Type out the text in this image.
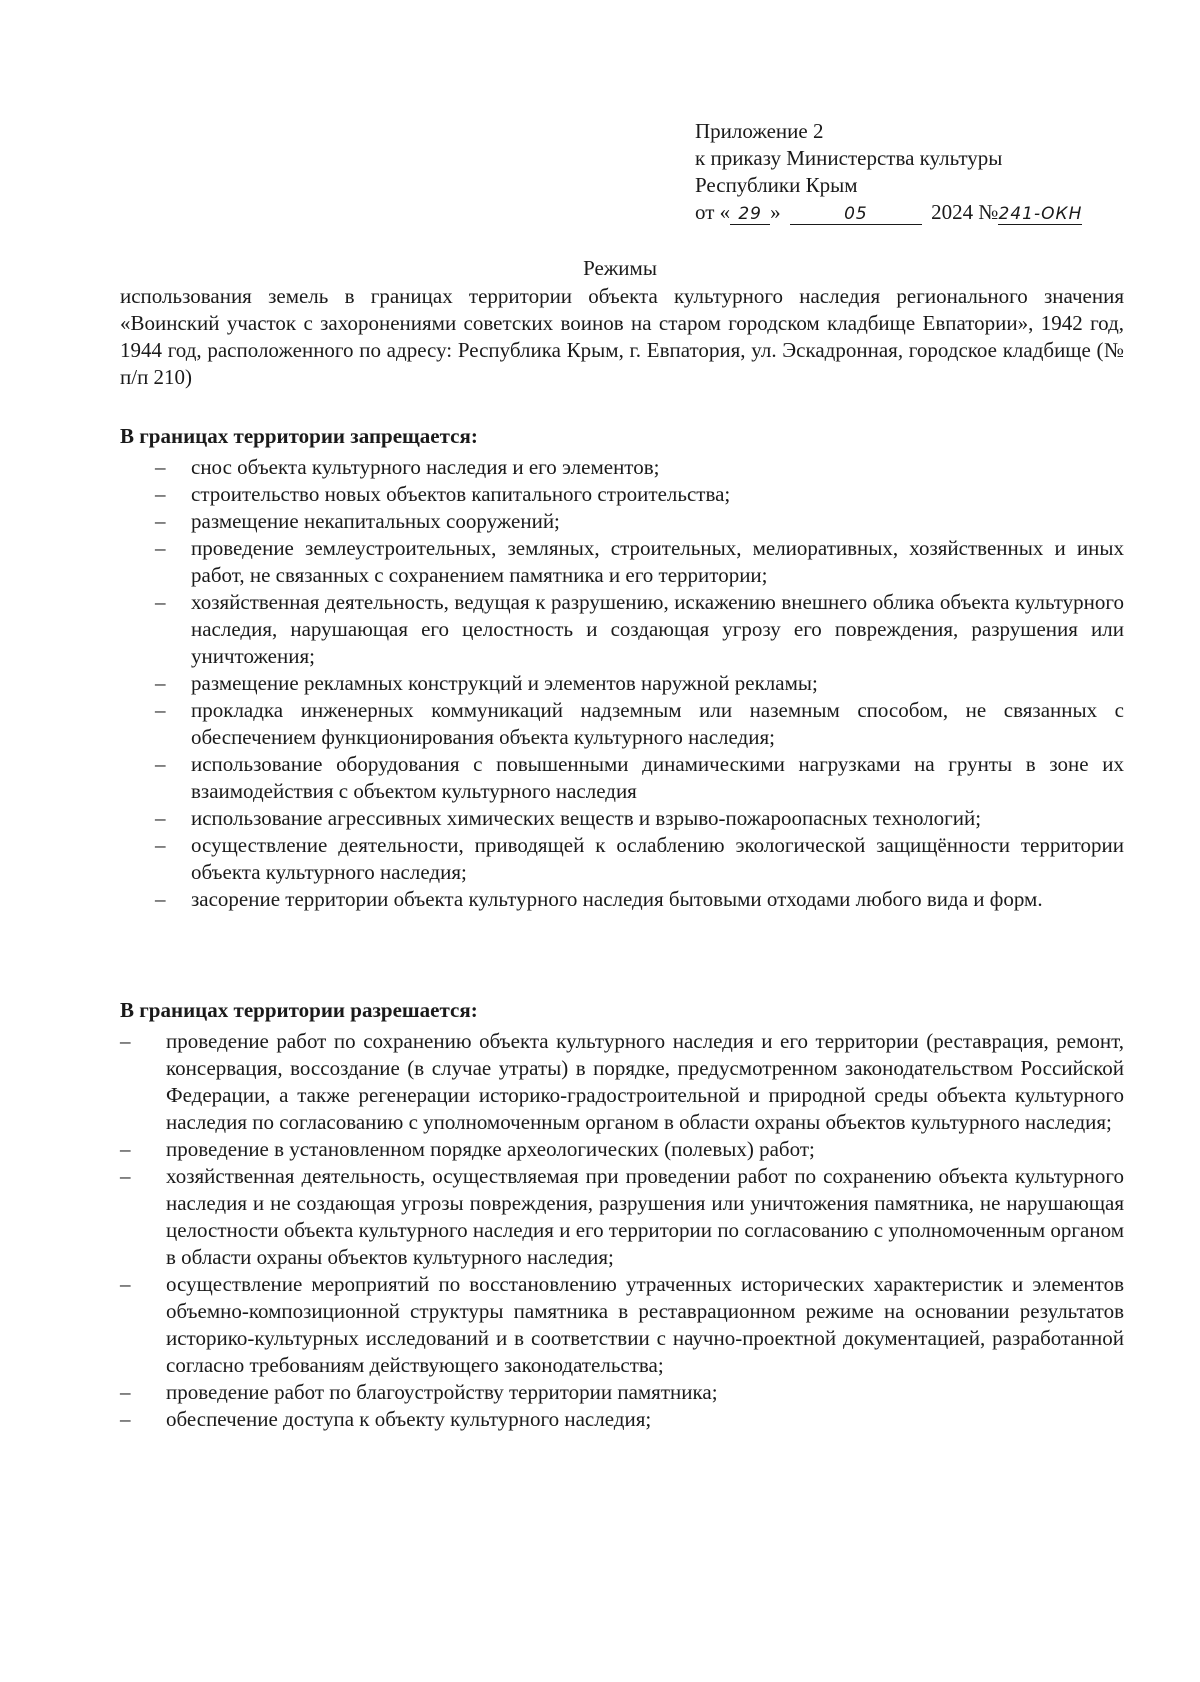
Приложение 2
к приказу Министерства культуры
Республики Крым
от « 29 »	05	2024 №241-ОКН
Режимы
использования земель в границах территории объекта культурного наследия регионального значения «Воинский участок с захоронениями советских воинов на старом городском кладбище Евпатории», 1942 год, 1944 год, расположенного по адресу: Республика Крым, г. Евпатория, ул. Эскадронная, городское кладбище (№ п/п 210)
В границах территории запрещается:
– снос объекта культурного наследия и его элементов;
– строительство новых объектов капитального строительства;
– размещение некапитальных сооружений;
– проведение землеустроительных, земляных, строительных, мелиоративных, хозяйственных и иных работ, не связанных с сохранением памятника и его территории;
– хозяйственная деятельность, ведущая к разрушению, искажению внешнего облика объекта культурного наследия, нарушающая его целостность и создающая угрозу его повреждения, разрушения или уничтожения;
– размещение рекламных конструкций и элементов наружной рекламы;
– прокладка инженерных коммуникаций надземным или наземным способом, не связанных с обеспечением функционирования объекта культурного наследия;
– использование оборудования с повышенными динамическими нагрузками на грунты в зоне их взаимодействия с объектом культурного наследия
– использование агрессивных химических веществ и взрыво-пожароопасных технологий;
– осуществление деятельности, приводящей к ослаблению экологической защищённости территории объекта культурного наследия;
– засорение территории объекта культурного наследия бытовыми отходами любого вида и форм.
В границах территории разрешается:
– проведение работ по сохранению объекта культурного наследия и его территории (реставрация, ремонт, консервация, воссоздание (в случае утраты) в порядке, предусмотренном законодательством Российской Федерации, а также регенерации историко-градостроительной и природной среды объекта культурного наследия по согласованию с уполномоченным органом в области охраны объектов культурного наследия;
– проведение в установленном порядке археологических (полевых) работ;
– хозяйственная деятельность, осуществляемая при проведении работ по сохранению объекта культурного наследия и не создающая угрозы повреждения, разрушения или уничтожения памятника, не нарушающая целостности объекта культурного наследия и его территории по согласованию с уполномоченным органом в области охраны объектов культурного наследия;
– осуществление мероприятий по восстановлению утраченных исторических характеристик и элементов объемно-композиционной структуры памятника в реставрационном режиме на основании результатов историко-культурных исследований и в соответствии с научно-проектной документацией, разработанной согласно требованиям действующего законодательства;
– проведение работ по благоустройству территории памятника;
– обеспечение доступа к объекту культурного наследия;
